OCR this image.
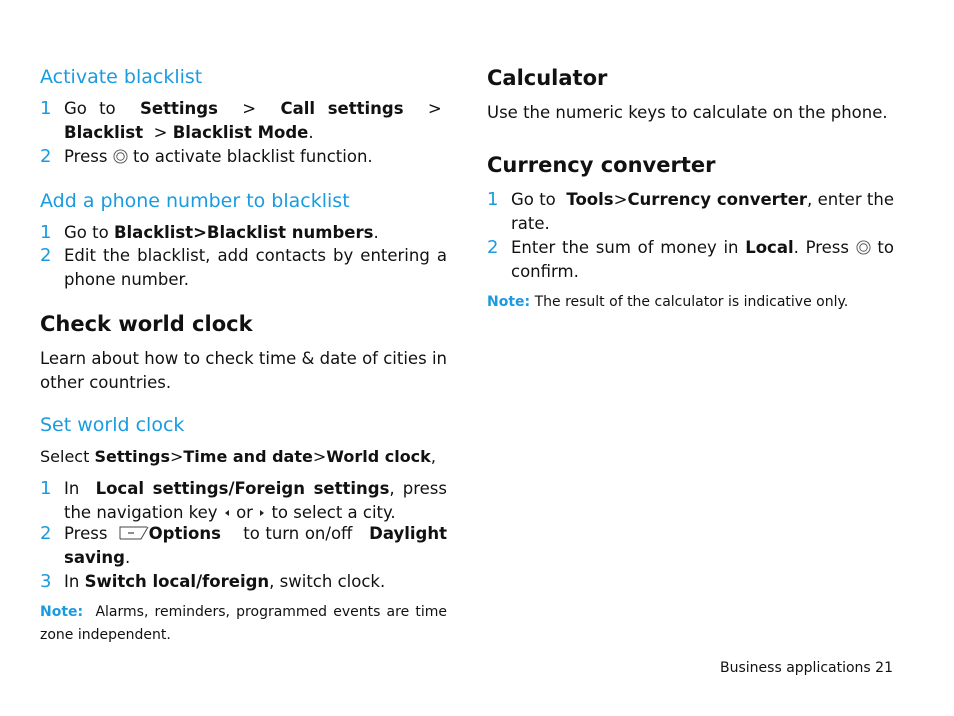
Activate blacklist
1 Go to Settings > Call settings >  Blacklist > Blacklist Mode.
2 Press to activate blacklist function.
Add a phone number to blacklist
1 Go to Blacklist>Blacklist numbers.
2 Edit the blacklist, add contacts by entering a phone number.
Check world clock

Learn about how to check time & date of cities in other countries.

Set world clock
Select Settings>Time and date>World clock,
1 In Local settings/Foreign settings, press the navigation key or to select a city.
2 Press Options to turn on/off Daylight saving.
3 In Switch local/foreign, switch clock.
Note: Alarms, reminders, programmed events are time zone independent.
Calculator

Use the numeric keys to calculate on the phone.

Currency converter
1 Go to Tools>Currency converter, enter the rate.
2 Enter the sum of money in Local. Press to confirm.
Note: The result of the calculator is indicative only.
Business applications 21
